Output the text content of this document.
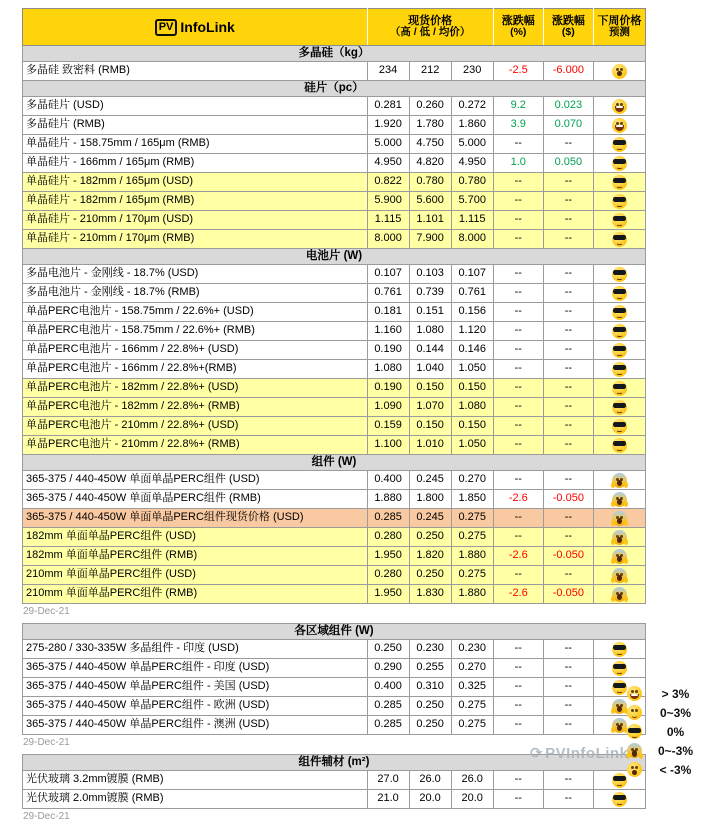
PV InfoLink	现货价格
（高 / 低 / 均价）

涨跌幅
(%)

涨跌幅
($)

下周价格
预测

多晶硅（kg）						
多晶硅 致密料 (RMB)	234	212	230	-2.5	-6.000	

硅片（pc）						
多晶硅片 (USD)	0.281	0.260	0.272	9.2	0.023	

多晶硅片 (RMB)	1.920	1.780	1.860	3.9	0.070	

单晶硅片 - 158.75mm / 165μm (RMB)	5.000	4.750	5.000	--	--	

单晶硅片 - 166mm / 165μm (RMB)	4.950	4.820	4.950	1.0	0.050	

单晶硅片 - 182mm / 165μm (USD)	0.822	0.780	0.780	--	--	

单晶硅片 - 182mm / 165μm (RMB)	5.900	5.600	5.700	--	--	

单晶硅片 - 210mm / 170μm (USD)	1.115	1.101	1.115	--	--	

单晶硅片 - 210mm / 170μm (RMB)	8.000	7.900	8.000	--	--	

电池片 (W)						
多晶电池片 - 金刚线 - 18.7% (USD)	0.107	0.103	0.107	--	--	

多晶电池片 - 金刚线 - 18.7% (RMB)	0.761	0.739	0.761	--	--	

单晶PERC电池片 - 158.75mm / 22.6%+ (USD)	0.181	0.151	0.156	--	--	

单晶PERC电池片 - 158.75mm / 22.6%+ (RMB)	1.160	1.080	1.120	--	--	

单晶PERC电池片 - 166mm / 22.8%+ (USD)	0.190	0.144	0.146	--	--	

单晶PERC电池片 - 166mm / 22.8%+(RMB)	1.080	1.040	1.050	--	--	

单晶PERC电池片 - 182mm / 22.8%+ (USD)	0.190	0.150	0.150	--	--	

单晶PERC电池片 - 182mm / 22.8%+ (RMB)	1.090	1.070	1.080	--	--	

单晶PERC电池片 - 210mm / 22.8%+ (USD)	0.159	0.150	0.150	--	--	

单晶PERC电池片 - 210mm / 22.8%+ (RMB)	1.100	1.010	1.050	--	--	

组件 (W)						
365-375 / 440-450W 单面单晶PERC组件 (USD)	0.400	0.245	0.270	--	--	

365-375 / 440-450W 单面单晶PERC组件 (RMB)	1.880	1.800	1.850	-2.6	-0.050	

365-375 / 440-450W 单面单晶PERC组件现货价格 (USD)	0.285	0.245	0.275	--	--	

182mm 单面单晶PERC组件 (USD)	0.280	0.250	0.275	--	--	

182mm 单面单晶PERC组件 (RMB)	1.950	1.820	1.880	-2.6	-0.050	

210mm 单面单晶PERC组件 (USD)	0.280	0.250	0.275	--	--	

210mm 单面单晶PERC组件 (RMB)	1.950	1.830	1.880	-2.6	-0.050	
29-Dec-21
各区域组件 (W)						
275-280 / 330-335W 多晶组件 - 印度 (USD)	0.250	0.230	0.230	--	--	

365-375 / 440-450W 单晶PERC组件 - 印度 (USD)	0.290	0.255	0.270	--	--	

365-375 / 440-450W 单晶PERC组件 - 美国 (USD)	0.400	0.310	0.325	--	--	

365-375 / 440-450W 单晶PERC组件 - 欧洲 (USD)	0.285	0.250	0.275	--	--	

365-375 / 440-450W 单晶PERC组件 - 澳洲 (USD)	0.285	0.250	0.275	--	--	
29-Dec-21
组件辅材 (m²)						
光伏玻璃 3.2mm镀膜 (RMB)	27.0	26.0	26.0	--	--	

光伏玻璃 2.0mm镀膜 (RMB)	21.0	20.0	20.0	--	--	
29-Dec-21
> 3%
0~3%
0%
0~-3%
< -3%
⟳ PVInfoLink
